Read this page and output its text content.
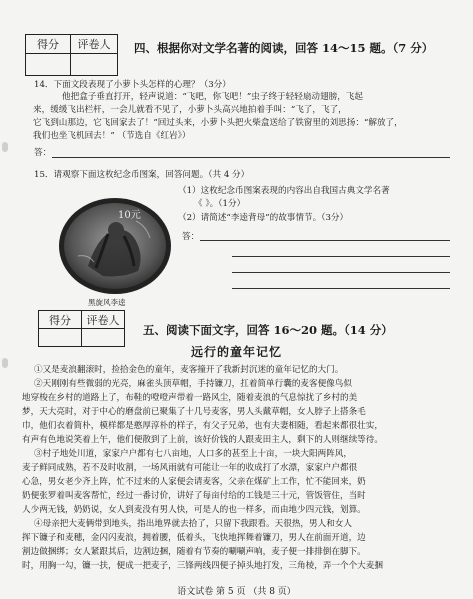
得分	评卷人
	四、根据你对文学名著的阅读，回答 14～15 题。（7 分）
14．下面文段表现了小萝卜头怎样的心理？（3分）
他把盒子垂直打开，轻声说道：“飞吧，你飞吧！”虫子终于轻轻扇动翅膀，飞起
来，缓缓飞出栏杆，一会儿就看不见了，小萝卜头高兴地拍着手叫：“飞了，飞了，
它飞到山那边，它飞回家去了！”回过头来，小萝卜头把火柴盒送给了铁窗里的刘思扬：“解放了，
我们也坐飞机回去！” （节选自《红岩》）
答：
15．请观察下面这枚纪念币图案，回答问题。（共 4 分）
10元
黑旋风李逵
（1）这枚纪念币图案表现的内容出自我国古典文学名著
《 》。（1分）
（2）请简述“李逵背母”的故事情节。（3分）
答：
得分	评卷人

五、阅读下面文字，回答 16～20 题。（14 分）
远行的童年记忆
①又是麦浪翻滚时，捡拾金色的童年，麦客撞开了我新封沉迷的童年记忆的大门。
②天刚刚有些微弱的光亮，麻雀头顶草帽，手持镰刀，扛着简单行囊的麦客便像鸟似
地穿梭在乡村的道路上了，布鞋的噔噔声带着一路风尘，随着麦浪的气息惊扰了乡村的美
梦，天大亮时，对于中心的磨盘前已聚集了十几号麦客，男人头戴草帽，女人脖子上搭条毛
巾，他们衣着简朴，模样都是憨厚淳朴的样子，有父子兄弟，也有夫妻相随，看起来都很壮实，
有声有色地说笑着上午，他们便散到了上前，该好价钱的人跟麦田主人，剩下的人则继续等待。
③村子地处川道，家家户户都有七八亩地，人口多的甚至上十亩，一块大阳两阵风，
麦子鲜同成熟，若不及时收割，一场风雨就有可能让一年的收成打了水漂，家家户户都很
心急，男女老少齐上阵，忙不过来的人家便会请麦客，父亲在煤矿上工作，忙不能回来，奶
奶便张罗着叫麦客帮忙，经过一番讨价，讲好了每亩付给的工钱是三十元，管饭管住，当时
人少两无钱，奶奶说，女人到麦没有男人快，可是人的也一样多，而由地少四元钱，划算。
④母亲把大麦俩带到地头，指出地界就去拾了，只留下我跟看。天很热，男人和女人
挥下镰子和麦穗，金闪闪麦浪，拥着腰，低着头，飞快地挥舞着镰刀，男人在前面开道，边
割边做捆绑；女人紧跟其后，边割边捆，随着有节奏的唰唰声响，麦子便一排排倒在脚下。
时，用胸一勾，镰一扶，便成一把麦子，三锋两线四便子掉头地打发，三角棱，弄一个个大麦捆
语文试卷 第 5 页 （共 8 页）
